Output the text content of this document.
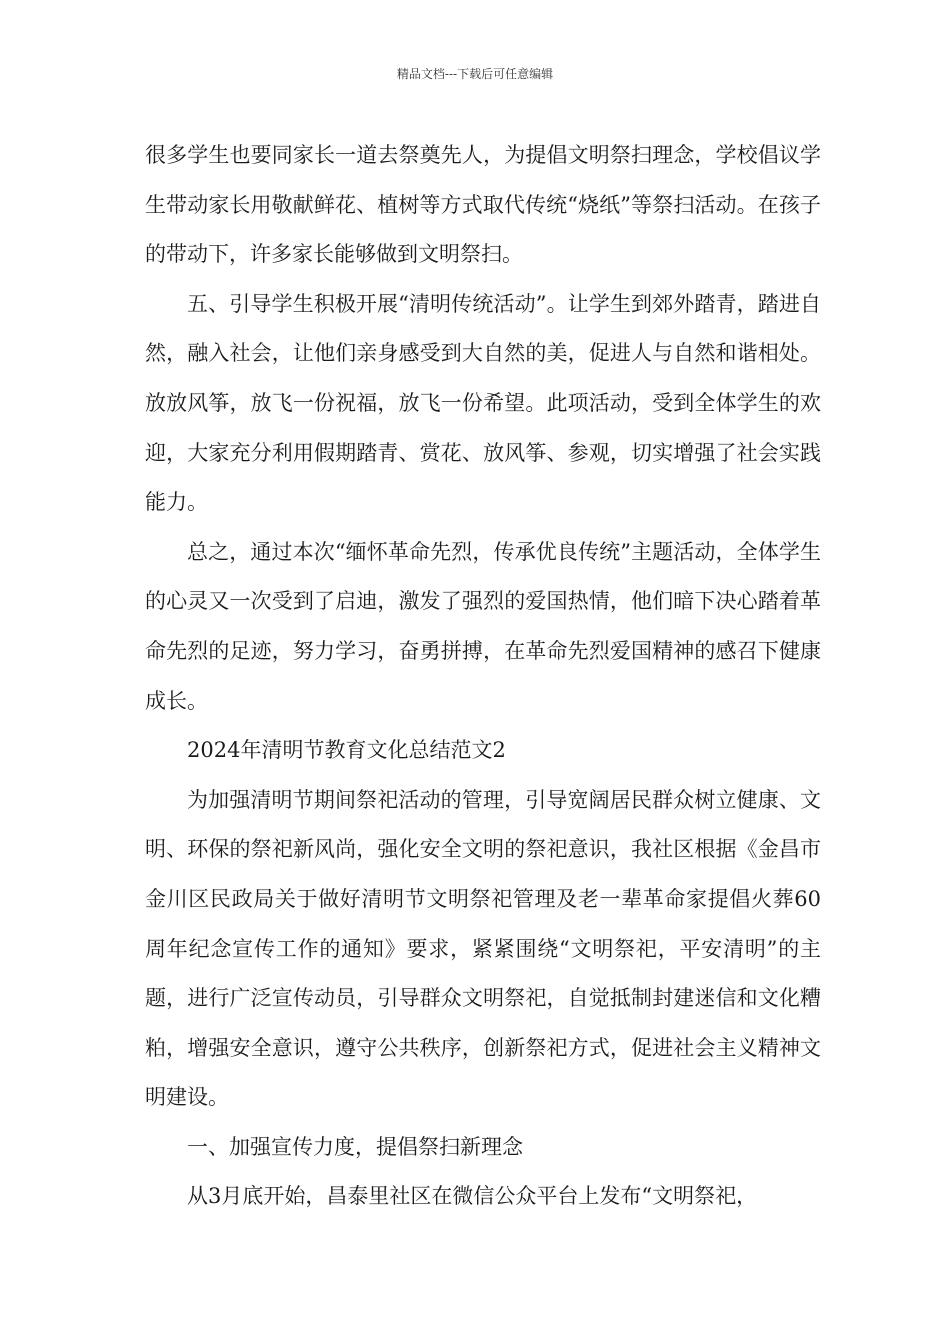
精品文档---下载后可任意编辑

很多学生也要同家长一道去祭奠先人，为提倡文明祭扫理念，学校倡议学生带动家长用敬献鲜花、植树等方式取代传统“烧纸”等祭扫活动。在孩子的带动下，许多家长能够做到文明祭扫。

五、引导学生积极开展“清明传统活动”。让学生到郊外踏青，踏进自然，融入社会，让他们亲身感受到大自然的美，促进人与自然和谐相处。放放风筝，放飞一份祝福，放飞一份希望。此项活动，受到全体学生的欢迎，大家充分利用假期踏青、赏花、放风筝、参观，切实增强了社会实践能力。

总之，通过本次“缅怀革命先烈，传承优良传统”主题活动，全体学生的心灵又一次受到了启迪，激发了强烈的爱国热情，他们暗下决心踏着革命先烈的足迹，努力学习，奋勇拼搏，在革命先烈爱国精神的感召下健康成长。

2024年清明节教育文化总结范文2

为加强清明节期间祭祀活动的管理，引导宽阔居民群众树立健康、文明、环保的祭祀新风尚，强化安全文明的祭祀意识，我社区根据《金昌市金川区民政局关于做好清明节文明祭祀管理及老一辈革命家提倡火葬60周年纪念宣传工作的通知》要求，紧紧围绕“文明祭祀，平安清明”的主题，进行广泛宣传动员，引导群众文明祭祀，自觉抵制封建迷信和文化糟粕，增强安全意识，遵守公共秩序，创新祭祀方式，促进社会主义精神文明建设。

一、加强宣传力度，提倡祭扫新理念

从3月底开始，昌泰里社区在微信公众平台上发布“文明祭祀，
